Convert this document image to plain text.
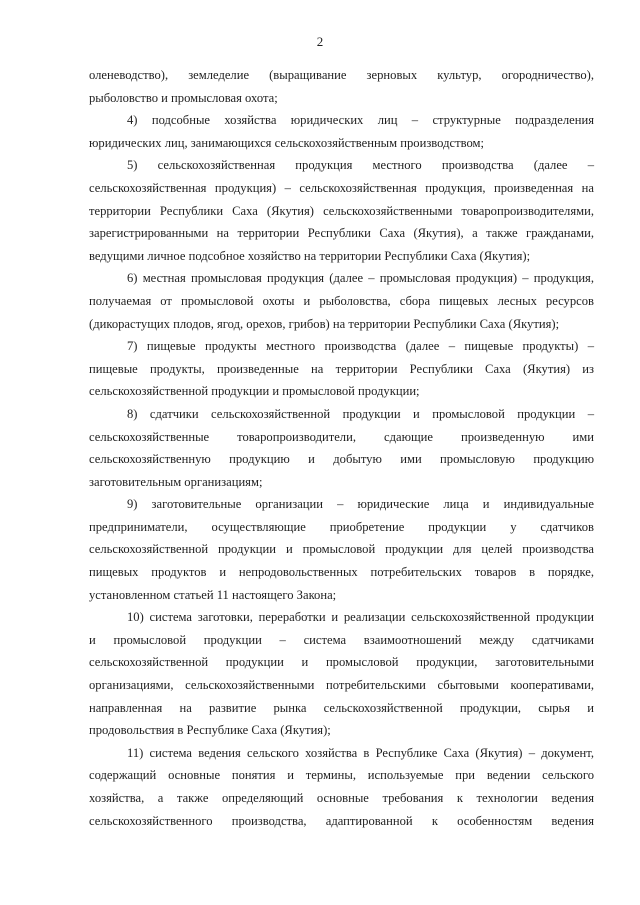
2
оленеводство), земледелие (выращивание зерновых культур, огородничество),
рыболовство и промысловая охота;
4) подсобные хозяйства юридических лиц – структурные подразделения
юридических лиц, занимающихся сельскохозяйственным производством;
5) сельскохозяйственная продукция местного производства (далее –
сельскохозяйственная продукция) – сельскохозяйственная продукция, произведенная на
территории Республики Саха (Якутия) сельскохозяйственными товаропроизводителями,
зарегистрированными на территории Республики Саха (Якутия), а также гражданами,
ведущими личное подсобное хозяйство на территории Республики Саха (Якутия);
6) местная промысловая продукция (далее – промысловая продукция) – продукция,
получаемая от промысловой охоты и рыболовства, сбора пищевых лесных ресурсов
(дикорастущих плодов, ягод, орехов, грибов) на территории Республики Саха (Якутия);
7) пищевые продукты местного производства (далее – пищевые продукты) –
пищевые продукты, произведенные на территории Республики Саха (Якутия) из
сельскохозяйственной продукции и промысловой продукции;
8) сдатчики сельскохозяйственной продукции и промысловой продукции –
сельскохозяйственные товаропроизводители, сдающие произведенную ими
сельскохозяйственную продукцию и добытую ими промысловую продукцию
заготовительным организациям;
9) заготовительные организации – юридические лица и индивидуальные
предприниматели, осуществляющие приобретение продукции у сдатчиков
сельскохозяйственной продукции и промысловой продукции для целей производства
пищевых продуктов и непродовольственных потребительских товаров в порядке,
установленном статьей 11 настоящего Закона;
10) система заготовки, переработки и реализации сельскохозяйственной продукции
и промысловой продукции – система взаимоотношений между сдатчиками
сельскохозяйственной продукции и промысловой продукции, заготовительными
организациями, сельскохозяйственными потребительскими сбытовыми кооперативами,
направленная на развитие рынка сельскохозяйственной продукции, сырья и
продовольствия в Республике Саха (Якутия);
11) система ведения сельского хозяйства в Республике Саха (Якутия) – документ,
содержащий основные понятия и термины, используемые при ведении сельского
хозяйства, а также определяющий основные требования к технологии ведения
сельскохозяйственного производства, адаптированной к особенностям ведения
